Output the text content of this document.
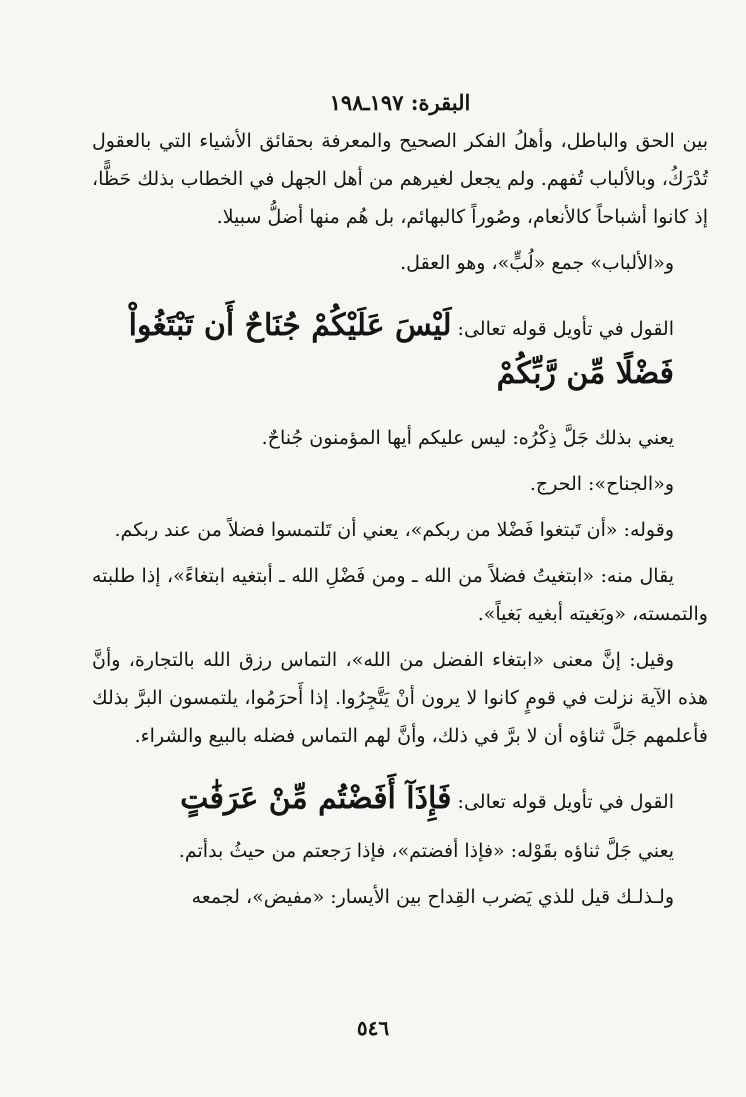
البقرة: ١٩٧ـ١٩٨

بين الحق والباطل، وأهلُ الفكر الصحيح والمعرفة بحقائق الأشياء التي بالعقول تُدْرَكُ، وبالألباب تُفهم. ولم يجعل لغيرهم من أهل الجهل في الخطاب بذلك حَظًّا، إذ كانوا أشباحاً كالأنعام، وصُوراً كالبهائم، بل هُم منها أضلُّ سبيلا.

و«الألباب» جمع «لُبٍّ»، وهو العقل.

القول في تأويل قوله تعالى: لَيْسَ عَلَيْكُمْ جُنَاحٌ أَن تَبْتَغُواْ
فَضْلًا مِّن رَّبِّكُمْ

يعني بذلك جَلَّ ذِكْرُه: ليس عليكم أيها المؤمنون جُناحٌ.

و«الجناح»: الحرج.

وقوله: «أن تَبتغوا فَضْلا من ربكم»، يعني أن تَلتمسوا فضلاً من عند ربكم.

يقال منه: «ابتغيتُ فضلاً من الله ـ ومن فَضْلِ الله ـ أبتغيه ابتغاءً»، إذا طلبته والتمسته، «وبَغيته أبغيه بَغياً».

وقيل: إنَّ معنى «ابتغاء الفضل من الله»، التماس رزق الله بالتجارة، وأنَّ هذه الآية نزلت في قومٍ كانوا لا يرون أنْ يَتَّجِرُوا. إذا أَحرَمُوا، يلتمسون البرَّ بذلك فأعلمهم جَلَّ ثناؤه أن لا برَّ في ذلك، وأنَّ لهم التماس فضله بالبيع والشراء.

القول في تأويل قوله تعالى: فَإِذَآ أَفَضْتُم مِّنْ عَرَفَٰتٍ

يعني جَلَّ ثناؤه بقَوْله: «فإذا أفضتم»، فإذا رَجعتم من حيثُ بدأتم.

ولـذلـك قيل للذي يَضرب القِداح بين الأيسار: «مفيض»، لجمعه

٥٤٦
